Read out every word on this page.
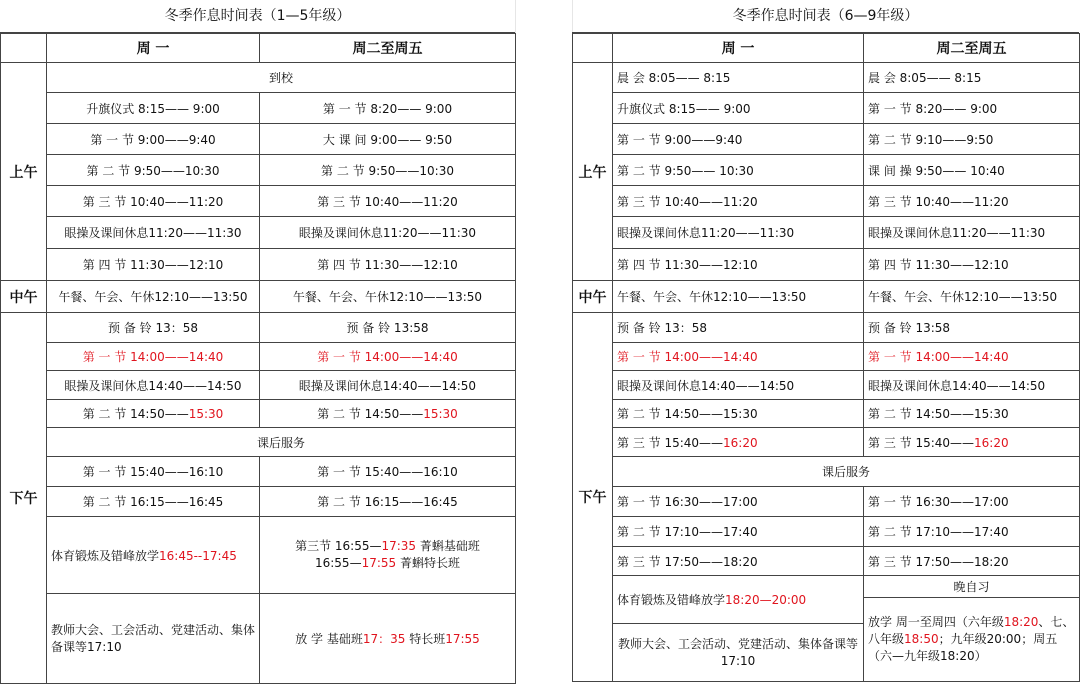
冬季作息时间表（1—5年级）
	周 一	周二至周五
上午	到校	
	升旗仪式 8:15—— 9:00	第 一 节 8:20—— 9:00
	第 一 节 9:00——9:40	大 课 间 9:00—— 9:50
	第 二 节 9:50——10:30	第 二 节 9:50——10:30
	第 三 节 10:40——11:20	第 三 节 10:40——11:20
	眼操及课间休息11:20——11:30	眼操及课间休息11:20——11:30
	第 四 节 11:30——12:10	第 四 节 11:30——12:10
中午	午餐、午会、午休12:10——13:50	午餐、午会、午休12:10——13:50
下午	预 备 铃 13：58	预 备 铃 13:58
	第 一 节 14:00——14:40	第 一 节 14:00——14:40
	眼操及课间休息14:40——14:50	眼操及课间休息14:40——14:50
	第 二 节 14:50——15:30	第 二 节 14:50——15:30
	课后服务	
	第 一 节 15:40——16:10	第 一 节 15:40——16:10
	第 二 节 16:15——16:45	第 二 节 16:15——16:45
	体育锻炼及错峰放学16:45--17:45	第三节 16:55—17:35 菁蝌基础班
16:55—17:55 菁蝌特长班

	教师大会、工会活动、党建活动、集体备课等17:10	放 学 基础班17：35 特长班17:55
冬季作息时间表（6—9年级）
	周 一	周二至周五
上午	晨 会 8:05—— 8:15	晨 会 8:05—— 8:15
	升旗仪式 8:15—— 9:00	第 一 节 8:20—— 9:00
	第 一 节 9:00——9:40	第 二 节 9:10——9:50
	第 二 节 9:50—— 10:30	课 间 操 9:50—— 10:40
	第 三 节 10:40——11:20	第 三 节 10:40——11:20
	眼操及课间休息11:20——11:30	眼操及课间休息11:20——11:30
	第 四 节 11:30——12:10	第 四 节 11:30——12:10
中午	午餐、午会、午休12:10——13:50	午餐、午会、午休12:10——13:50
下午	预 备 铃 13：58	预 备 铃 13:58
	第 一 节 14:00——14:40	第 一 节 14:00——14:40
	眼操及课间休息14:40——14:50	眼操及课间休息14:40——14:50
	第 二 节 14:50——15:30	第 二 节 14:50——15:30
	第 三 节 15:40——16:20	第 三 节 15:40——16:20
	课后服务	
	第 一 节 16:30——17:00	第 一 节 16:30——17:00
	第 二 节 17:10——17:40	第 二 节 17:10——17:40
	第 三 节 17:50——18:20	第 三 节 17:50——18:20
	体育锻炼及错峰放学18:20—20:00	晚自习
		放学 周一至周四（六年级18:20、七、八年级18:50；九年级20:00；周五（六—九年级18:20）
	教师大会、工会活动、党建活动、集体备课等17:10	
